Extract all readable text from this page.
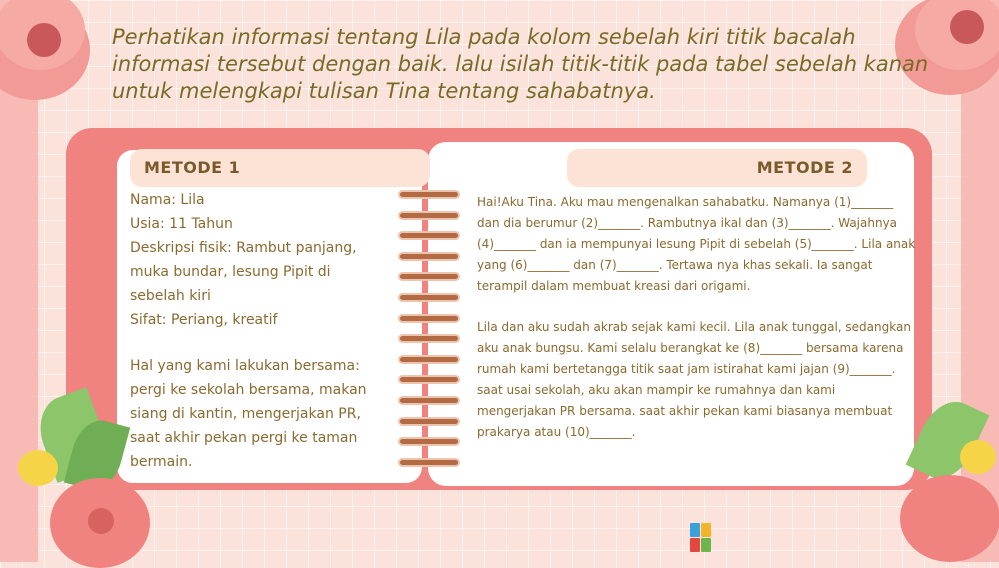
Perhatikan informasi tentang Lila pada kolom sebelah kiri titik bacalah informasi tersebut dengan baik. lalu isilah titik-titik pada tabel sebelah kanan untuk melengkapi tulisan Tina tentang sahabatnya.

METODE 1	METODE 2
Nama: Lila
Usia: 11 Tahun
Deskripsi fisik: Rambut panjang, muka bundar, lesung Pipit di sebelah kiri
Sifat: Periang, kreatif
Hal yang kami lakukan bersama: pergi ke sekolah bersama, makan siang di kantin, mengerjakan PR, saat akhir pekan pergi ke taman bermain.
Hai!Aku Tina. Aku mau mengenalkan sahabatku. Namanya (1)_______ dan dia berumur (2)_______. Rambutnya ikal dan (3)_______. Wajahnya (4)_______ dan ia mempunyai lesung Pipit di sebelah (5)_______. Lila anak yang (6)_______ dan (7)_______. Tertawa nya khas sekali. Ia sangat terampil dalam membuat kreasi dari origami.
Lila dan aku sudah akrab sejak kami kecil. Lila anak tunggal, sedangkan aku anak bungsu. Kami selalu berangkat ke (8)_______ bersama karena rumah kami bertetangga titik saat jam istirahat kami jajan (9)_______. saat usai sekolah, aku akan mampir ke rumahnya dan kami mengerjakan PR bersama. saat akhir pekan kami biasanya membuat prakarya atau (10)_______.
